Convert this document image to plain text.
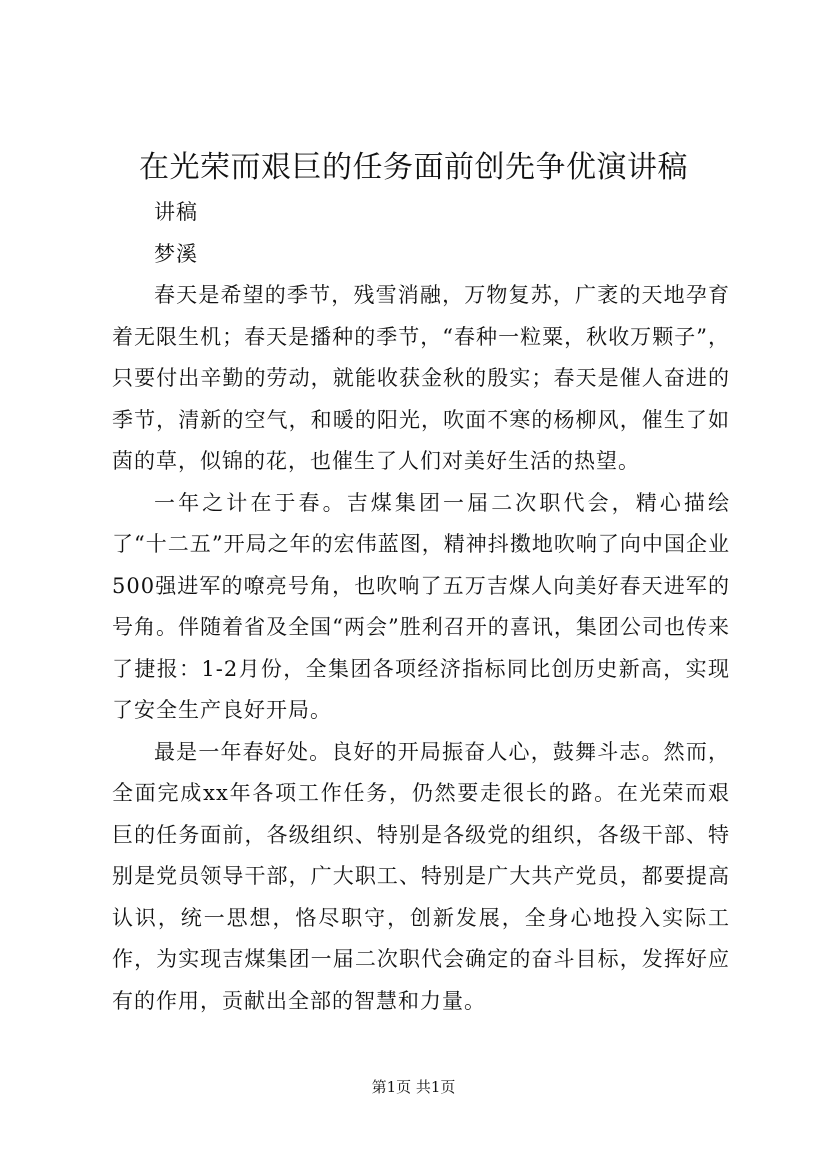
在光荣而艰巨的任务面前创先争优演讲稿

讲稿

梦溪

春天是希望的季节，残雪消融，万物复苏，广袤的天地孕育着无限生机；春天是播种的季节，“春种一粒粟，秋收万颗子”，只要付出辛勤的劳动，就能收获金秋的殷实；春天是催人奋进的季节，清新的空气，和暖的阳光，吹面不寒的杨柳风，催生了如茵的草，似锦的花，也催生了人们对美好生活的热望。

一年之计在于春。吉煤集团一届二次职代会，精心描绘了“十二五”开局之年的宏伟蓝图，精神抖擞地吹响了向中国企业500强进军的嘹亮号角，也吹响了五万吉煤人向美好春天进军的号角。伴随着省及全国“两会”胜利召开的喜讯，集团公司也传来了捷报：1-2月份，全集团各项经济指标同比创历史新高，实现了安全生产良好开局。

最是一年春好处。良好的开局振奋人心，鼓舞斗志。然而，全面完成xx年各项工作任务，仍然要走很长的路。在光荣而艰巨的任务面前，各级组织、特别是各级党的组织，各级干部、特别是党员领导干部，广大职工、特别是广大共产党员，都要提高认识，统一思想，恪尽职守，创新发展，全身心地投入实际工作，为实现吉煤集团一届二次职代会确定的奋斗目标，发挥好应有的作用，贡献出全部的智慧和力量。

第1页 共1页
